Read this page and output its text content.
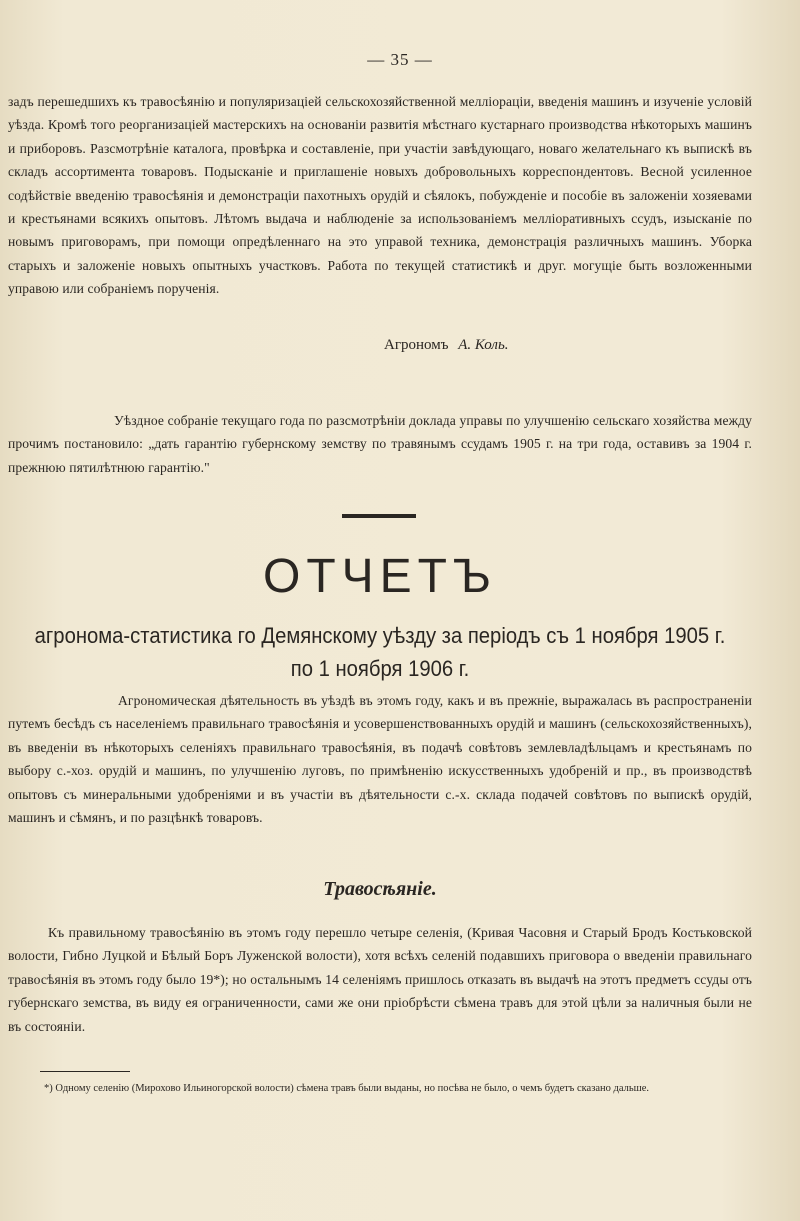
— 35 —

задъ перешедшихъ къ травосѣянію и популяризаціей сельскохозяйственной мелліораціи, введенія машинъ и изученіе условій уѣзда. Кромѣ того реорганизаціей мастерскихъ на основаніи развитія мѣстнаго кустарнаго производства нѣкоторыхъ машинъ и приборовъ. Разсмотрѣніе каталога, провѣрка и составленіе, при участіи завѣдующаго, новаго желательнаго къ выпискѣ въ складъ ассортимента товаровъ. Подысканіе и приглашеніе новыхъ добровольныхъ корреспондентовъ. Весной усиленное содѣйствіе введенію травосѣянія и демонстраціи пахотныхъ орудій и сѣялокъ, побужденіе и пособіе въ заложеніи хозяевами и крестьянами всякихъ опытовъ. Лѣтомъ выдача и наблюденіе за использованіемъ мелліоративныхъ ссудъ, изысканіе по новымъ приговорамъ, при помощи опредѣленнаго на это управой техника, демонстрація различныхъ машинъ. Уборка старыхъ и заложеніе новыхъ опытныхъ участковъ. Работа по текущей статистикѣ и друг. могущіе быть возложенными управою или собраніемъ порученія.

Агрономъ А. Коль.

Уѣздное собраніе текущаго года по разсмотрѣніи доклада управы по улучшенію сельскаго хозяйства между прочимъ постановило: „дать гарантію губернскому земству по травянымъ ссудамъ 1905 г. на три года, оставивъ за 1904 г. прежнюю пятилѣтнюю гарантію."

ОТЧЕТЪ
агронома-статистика го Демянскому уѣзду за періодъ съ 1 ноября 1905 г.
по 1 ноября 1906 г.

Агрономическая дѣятельность въ уѣздѣ въ этомъ году, какъ и въ прежніе, выражалась въ распространеніи путемъ бесѣдъ съ населеніемъ правильнаго травосѣянія и усовершенствованныхъ орудій и машинъ (сельскохозяйственныхъ), въ введеніи въ нѣкоторыхъ селеніяхъ правильнаго травосѣянія, въ подачѣ совѣтовъ землевладѣльцамъ и крестьянамъ по выбору с.-хоз. орудій и машинъ, по улучшенію луговъ, по примѣненію искусственныхъ удобреній и пр., въ производствѣ опытовъ съ минеральными удобреніями и въ участіи въ дѣятельности с.-х. склада подачей совѣтовъ по выпискѣ орудій, машинъ и сѣмянъ, и по разцѣнкѣ товаровъ.

Травосѣяніе.

Къ правильному травосѣянію въ этомъ году перешло четыре селенія, (Кривая Часовня и Старый Бродъ Костьковской волости, Гибно Луцкой и Бѣлый Боръ Луженской волости), хотя всѣхъ селеній подавшихъ приговора о введеніи правильнаго травосѣянія въ этомъ году было 19*); но остальнымъ 14 селеніямъ пришлось отказать въ выдачѣ на этотъ предметъ ссуды отъ губернскаго земства, въ виду ея ограниченности, сами же они пріобрѣсти сѣмена травъ для этой цѣли за наличныя были не въ состояніи.

*) Одному селенію (Мирохово Ильиногорской волости) сѣмена травъ были выданы, но посѣва не было, о чемъ будетъ сказано дальше.
